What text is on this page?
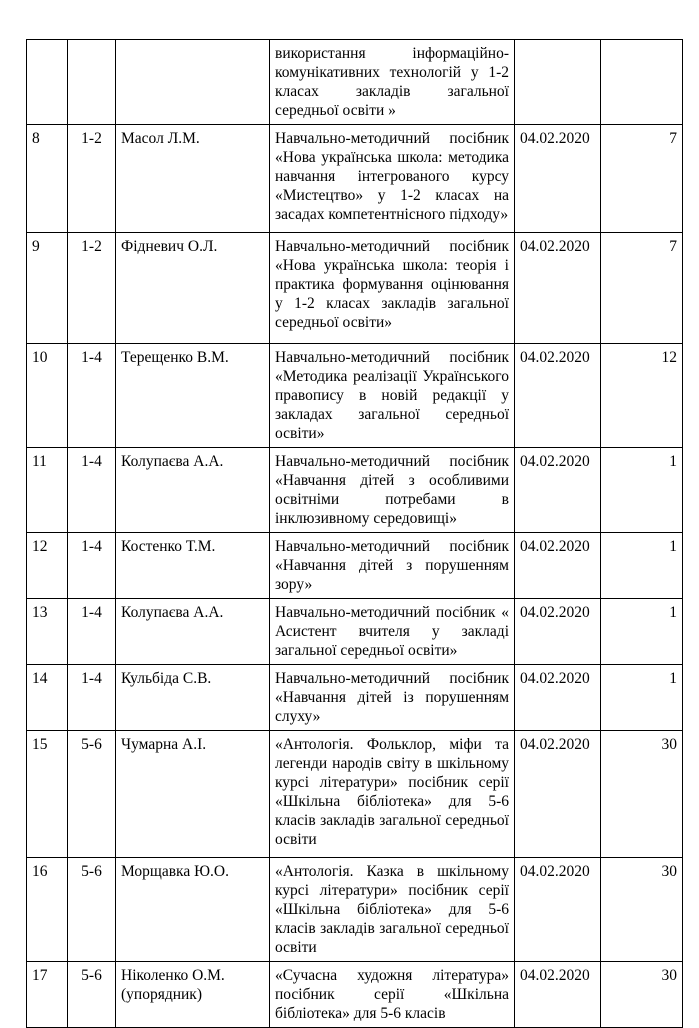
			використання інформаційно-комунікативних технологій у 1-2 класах закладів загальної середньої освіти »		
8	1-2	Масол Л.М.	Навчально-методичний посібник «Нова українська школа: методика навчання інтегрованого курсу «Мистецтво» у 1-2 класах на засадах компетентнісного підходу»	04.02.2020	7
9	1-2	Фідневич О.Л.	Навчально-методичний посібник «Нова українська школа: теорія і практика формування оцінювання у 1-2 класах закладів загальної середньої освіти»	04.02.2020	7
10	1-4	Терещенко В.М.	Навчально-методичний посібник «Методика реалізації Українського правопису в новій редакції у закладах загальної середньої освіти»	04.02.2020	12
11	1-4	Колупаєва А.А.	Навчально-методичний посібник «Навчання дітей з особливими освітніми потребами в інклюзивному середовищі»	04.02.2020	1
12	1-4	Костенко Т.М.	Навчально-методичний посібник «Навчання дітей з порушенням зору»	04.02.2020	1
13	1-4	Колупаєва А.А.	Навчально-методичний посібник « Асистент вчителя у закладі загальної середньої освіти»	04.02.2020	1
14	1-4	Кульбіда С.В.	Навчально-методичний посібник «Навчання дітей із порушенням слуху»	04.02.2020	1
15	5-6	Чумарна А.І.	«Антологія. Фольклор, міфи та легенди народів світу в шкільному курсі літератури» посібник серії «Шкільна бібліотека» для 5-6 класів закладів загальної середньої освіти	04.02.2020	30
16	5-6	Морщавка Ю.О.	«Антологія. Казка в шкільному курсі літератури» посібник серії «Шкільна бібліотека» для 5-6 класів закладів загальної середньої освіти	04.02.2020	30
17	5-6	Ніколенко О.М. (упорядник)	«Сучасна художня література» посібник серії «Шкільна бібліотека» для 5-6 класів	04.02.2020	30
